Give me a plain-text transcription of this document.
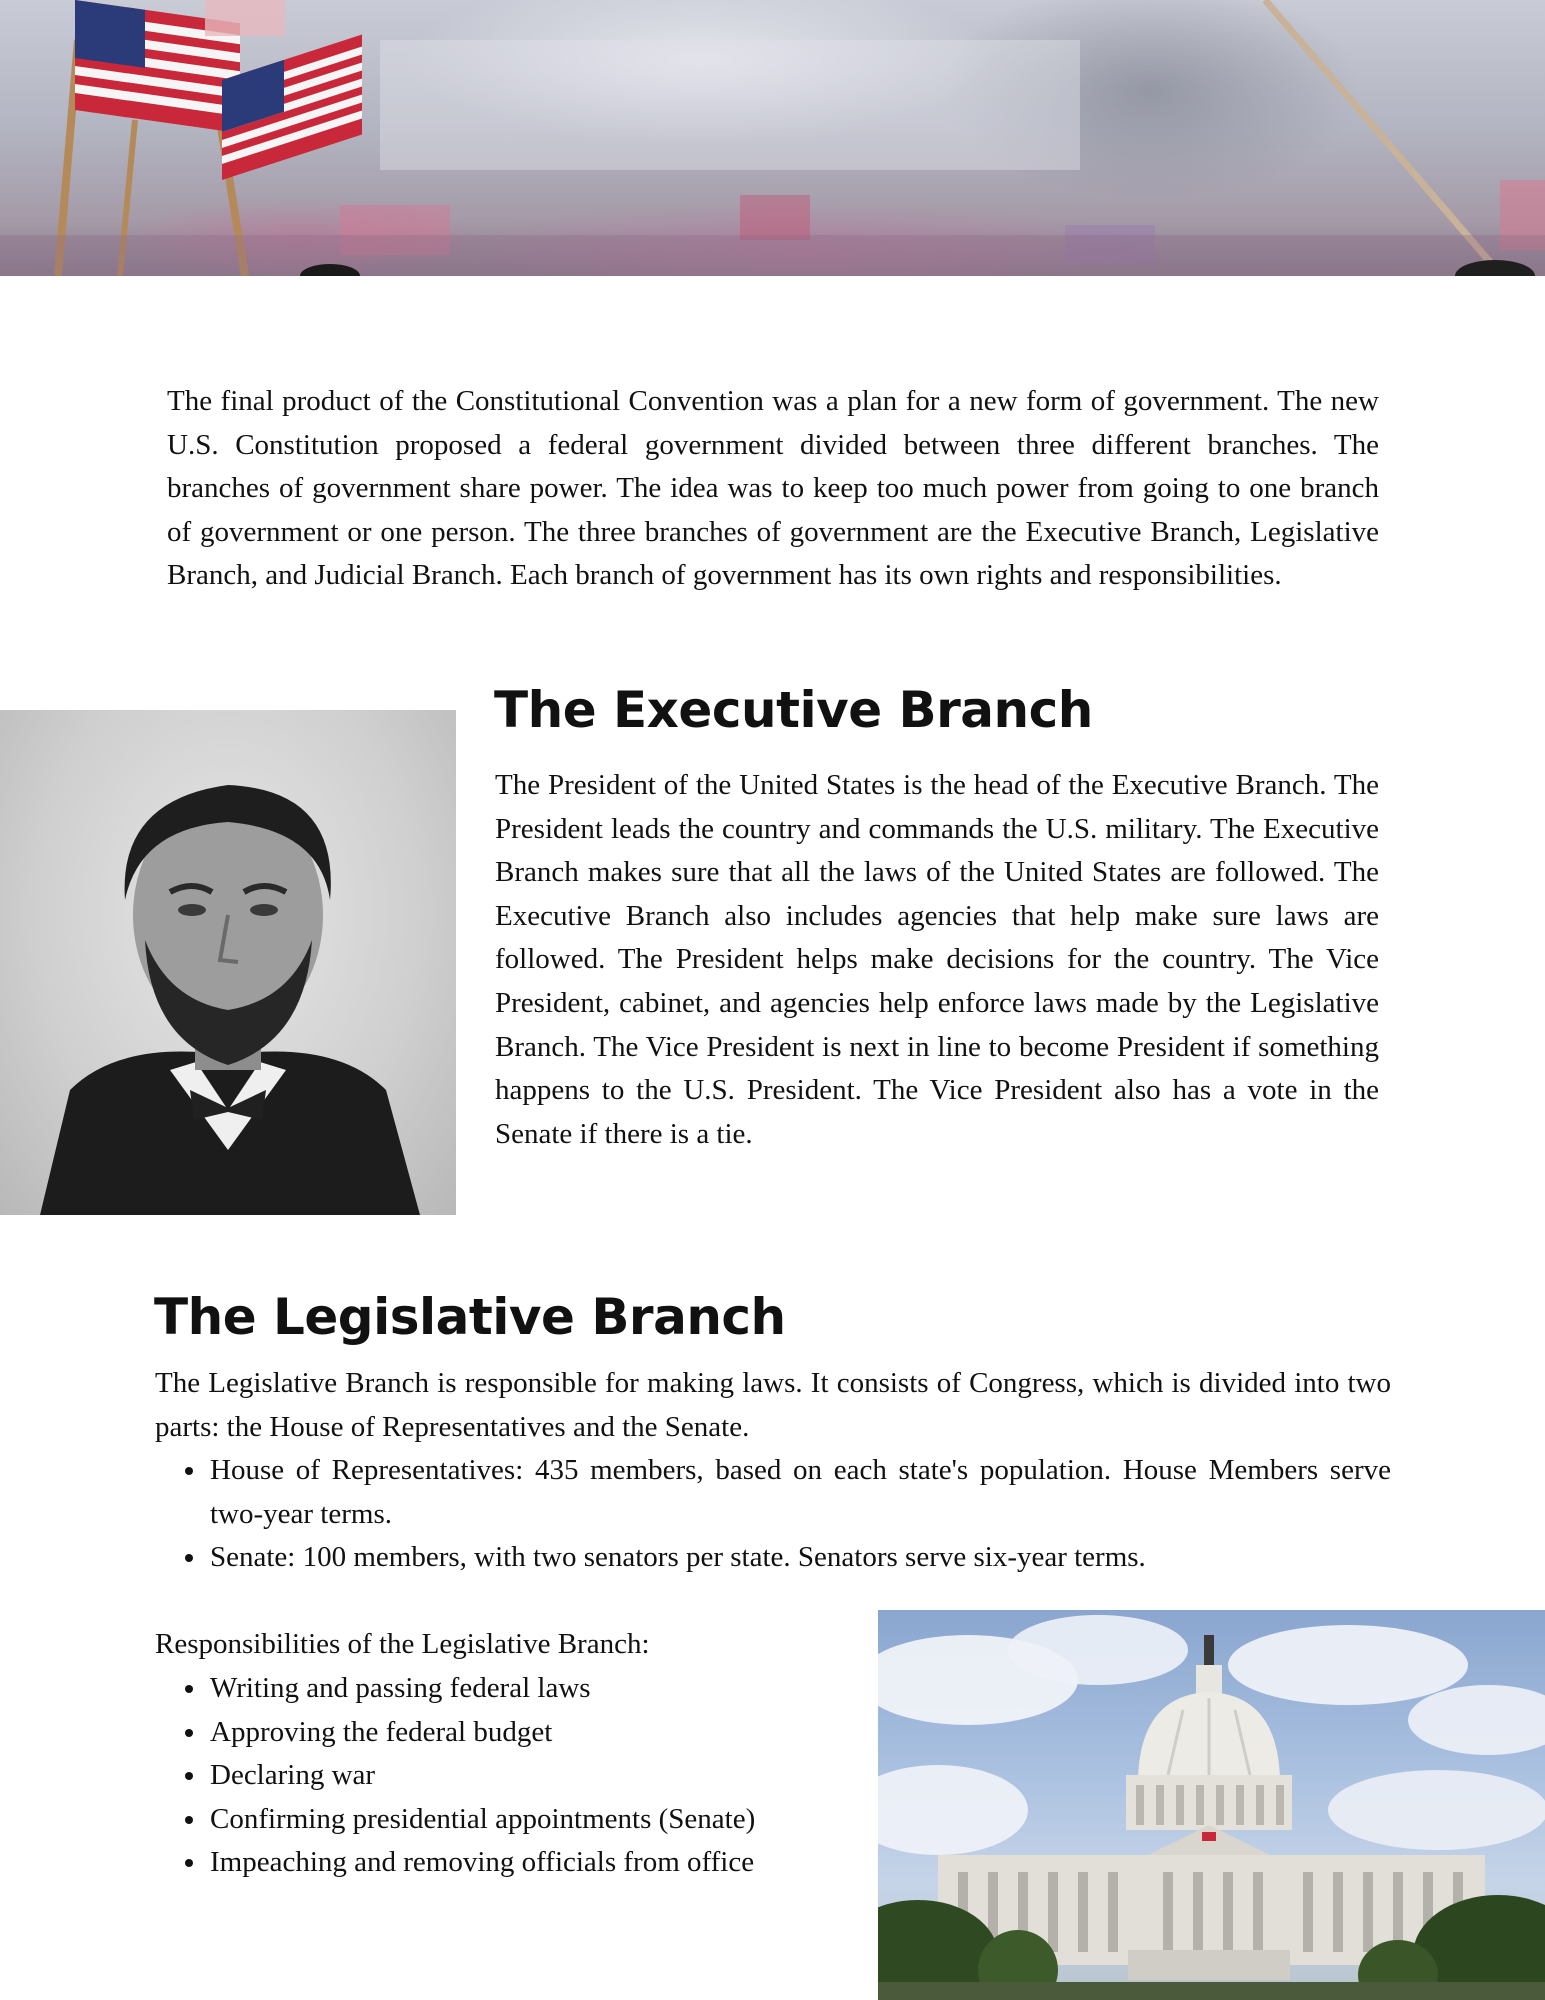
The final product of the Constitutional Convention was a plan for a new form of government. The new U.S. Constitution proposed a federal government divided between three different branches. The branches of government share power. The idea was to keep too much power from going to one branch of government or one person. The three branches of government are the Executive Branch, Legislative Branch, and Judicial Branch. Each branch of government has its own rights and responsibilities.

The Executive Branch

The President of the United States is the head of the Executive Branch. The President leads the country and commands the U.S. military. The Executive Branch makes sure that all the laws of the United States are followed. The Executive Branch also includes agencies that help make sure laws are followed. The President helps make decisions for the country. The Vice President, cabinet, and agencies help enforce laws made by the Legislative Branch. The Vice President is next in line to become President if something happens to the U.S. President. The Vice President also has a vote in the Senate if there is a tie.

The Legislative Branch

The Legislative Branch is responsible for making laws. It consists of Congress, which is divided into two parts: the House of Representatives and the Senate.

• House of Representatives: 435 members, based on each state's population. House Members serve two-year terms.
• Senate: 100 members, with two senators per state. Senators serve six-year terms.

Responsibilities of the Legislative Branch:

• Writing and passing federal laws
• Approving the federal budget
• Declaring war
• Confirming presidential appointments (Senate)
• Impeaching and removing officials from office
